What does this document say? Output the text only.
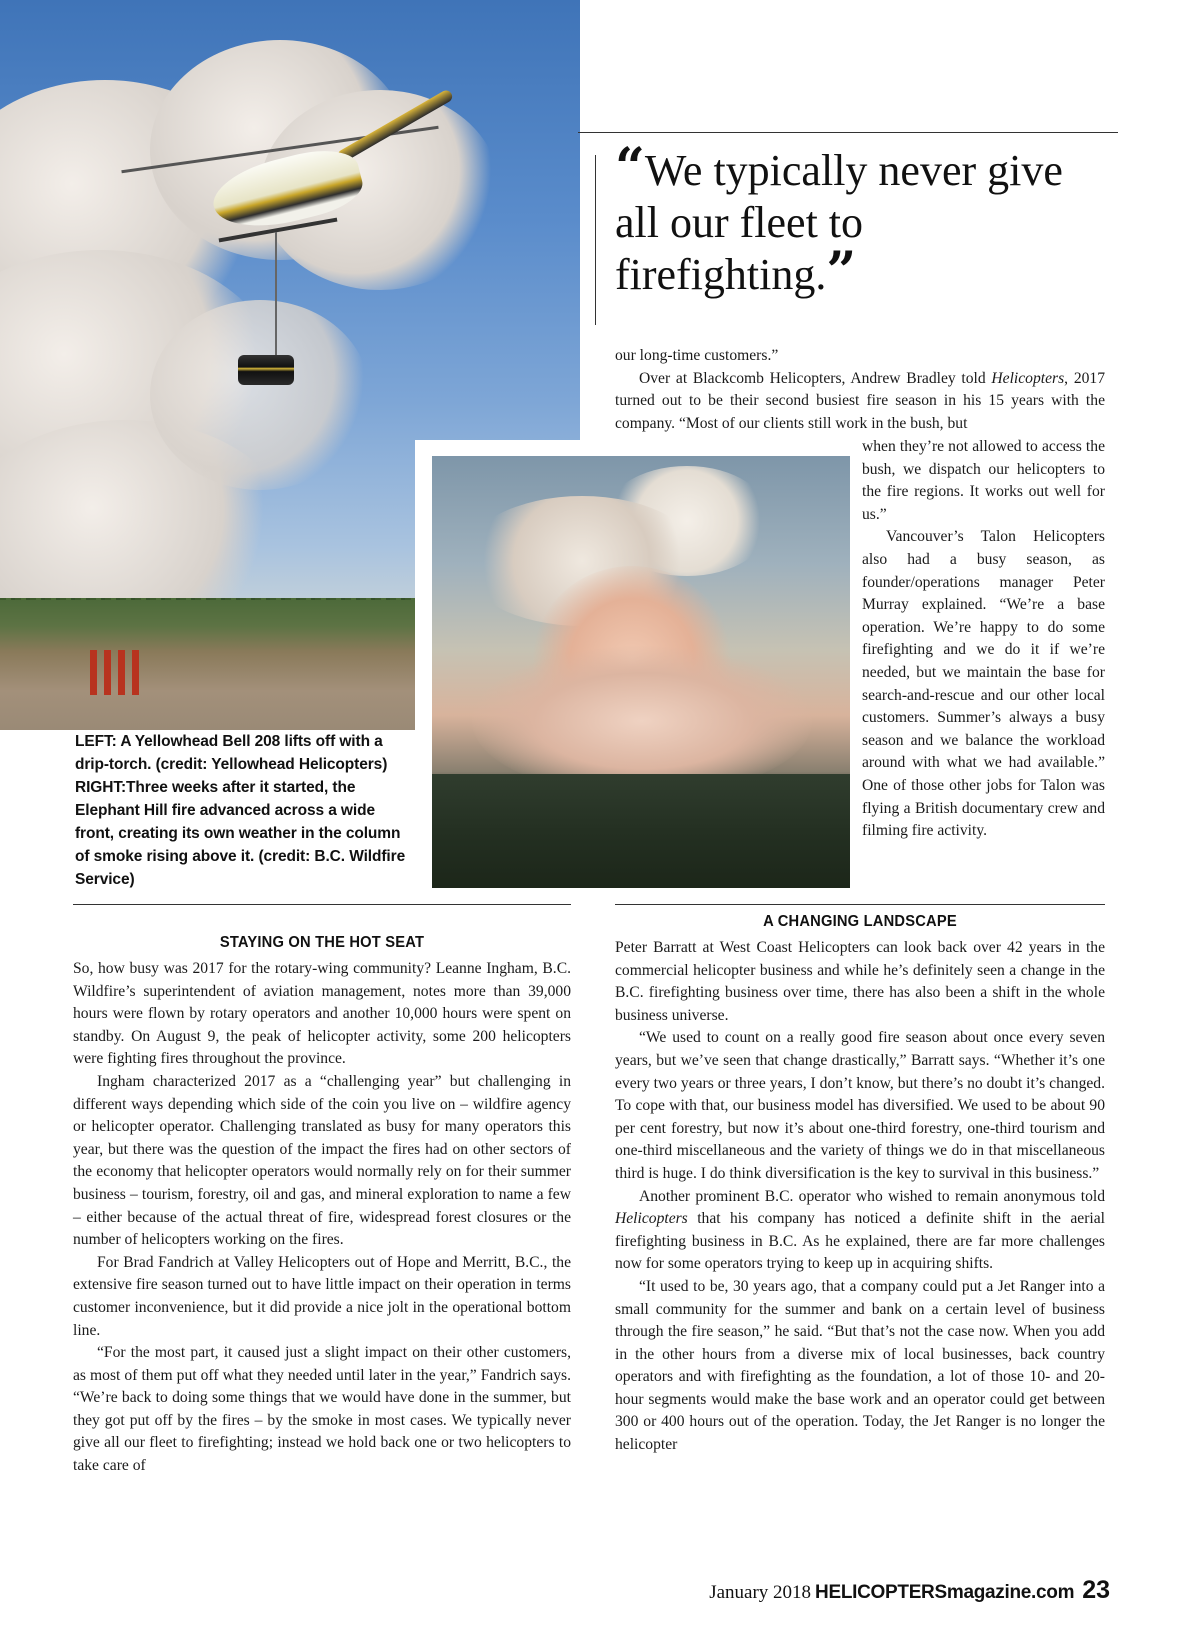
“We typically never give all our fleet to firefighting.”

our long-time customers.”

Over at Blackcomb Helicopters, Andrew Bradley told Helicopters, 2017 turned out to be their second busiest fire season in his 15 years with the company. “Most of our clients still work in the bush, but

when they’re not allowed to access the bush, we dispatch our helicopters to the fire regions. It works out well for us.”

Vancouver’s Talon Helicopters also had a busy season, as founder/operations manager Peter Murray explained. “We’re a base operation. We’re happy to do some firefighting and we do it if we’re needed, but we maintain the base for search-and-rescue and our other local customers. Summer’s always a busy season and we balance the workload around with what we had available.” One of those other jobs for Talon was flying a British documentary crew and filming fire activity.

LEFT: A Yellowhead Bell 208 lifts off with a drip-torch. (credit: Yellowhead Helicopters) RIGHT:Three weeks after it started, the Elephant Hill fire advanced across a wide front, creating its own weather in the column of smoke rising above it. (credit: B.C. Wildfire Service)
STAYING ON THE HOT SEAT
A CHANGING LANDSCAPE

So, how busy was 2017 for the rotary-wing community? Leanne Ingham, B.C. Wildfire’s superintendent of aviation management, notes more than 39,000 hours were flown by rotary operators and another 10,000 hours were spent on standby. On August 9, the peak of helicopter activity, some 200 helicopters were fighting fires throughout the province.

Ingham characterized 2017 as a “challenging year” but challenging in different ways depending which side of the coin you live on – wildfire agency or helicopter operator. Challenging translated as busy for many operators this year, but there was the question of the impact the fires had on other sectors of the economy that helicopter operators would normally rely on for their summer business – tourism, forestry, oil and gas, and mineral exploration to name a few – either because of the actual threat of fire, widespread forest closures or the number of helicopters working on the fires.

For Brad Fandrich at Valley Helicopters out of Hope and Merritt, B.C., the extensive fire season turned out to have little impact on their operation in terms customer inconvenience, but it did provide a nice jolt in the operational bottom line.

“For the most part, it caused just a slight impact on their other customers, as most of them put off what they needed until later in the year,” Fandrich says. “We’re back to doing some things that we would have done in the summer, but they got put off by the fires – by the smoke in most cases. We typically never give all our fleet to firefighting; instead we hold back one or two helicopters to take care of

Peter Barratt at West Coast Helicopters can look back over 42 years in the commercial helicopter business and while he’s definitely seen a change in the B.C. firefighting business over time, there has also been a shift in the whole business universe.

“We used to count on a really good fire season about once every seven years, but we’ve seen that change drastically,” Barratt says. “Whether it’s one every two years or three years, I don’t know, but there’s no doubt it’s changed. To cope with that, our business model has diversified. We used to be about 90 per cent forestry, but now it’s about one-third forestry, one-third tourism and one-third miscellaneous and the variety of things we do in that miscellaneous third is huge. I do think diversification is the key to survival in this business.”

Another prominent B.C. operator who wished to remain anonymous told Helicopters that his company has noticed a definite shift in the aerial firefighting business in B.C. As he explained, there are far more challenges now for some operators trying to keep up in acquiring shifts.

“It used to be, 30 years ago, that a company could put a Jet Ranger into a small community for the summer and bank on a certain level of business through the fire season,” he said. “But that’s not the case now. When you add in the other hours from a diverse mix of local businesses, back country operators and with firefighting as the foundation, a lot of those 10- and 20-hour segments would make the base work and an operator could get between 300 or 400 hours out of the operation. Today, the Jet Ranger is no longer the helicopter

January 2018 HELICOPTERSmagazine.com 23
